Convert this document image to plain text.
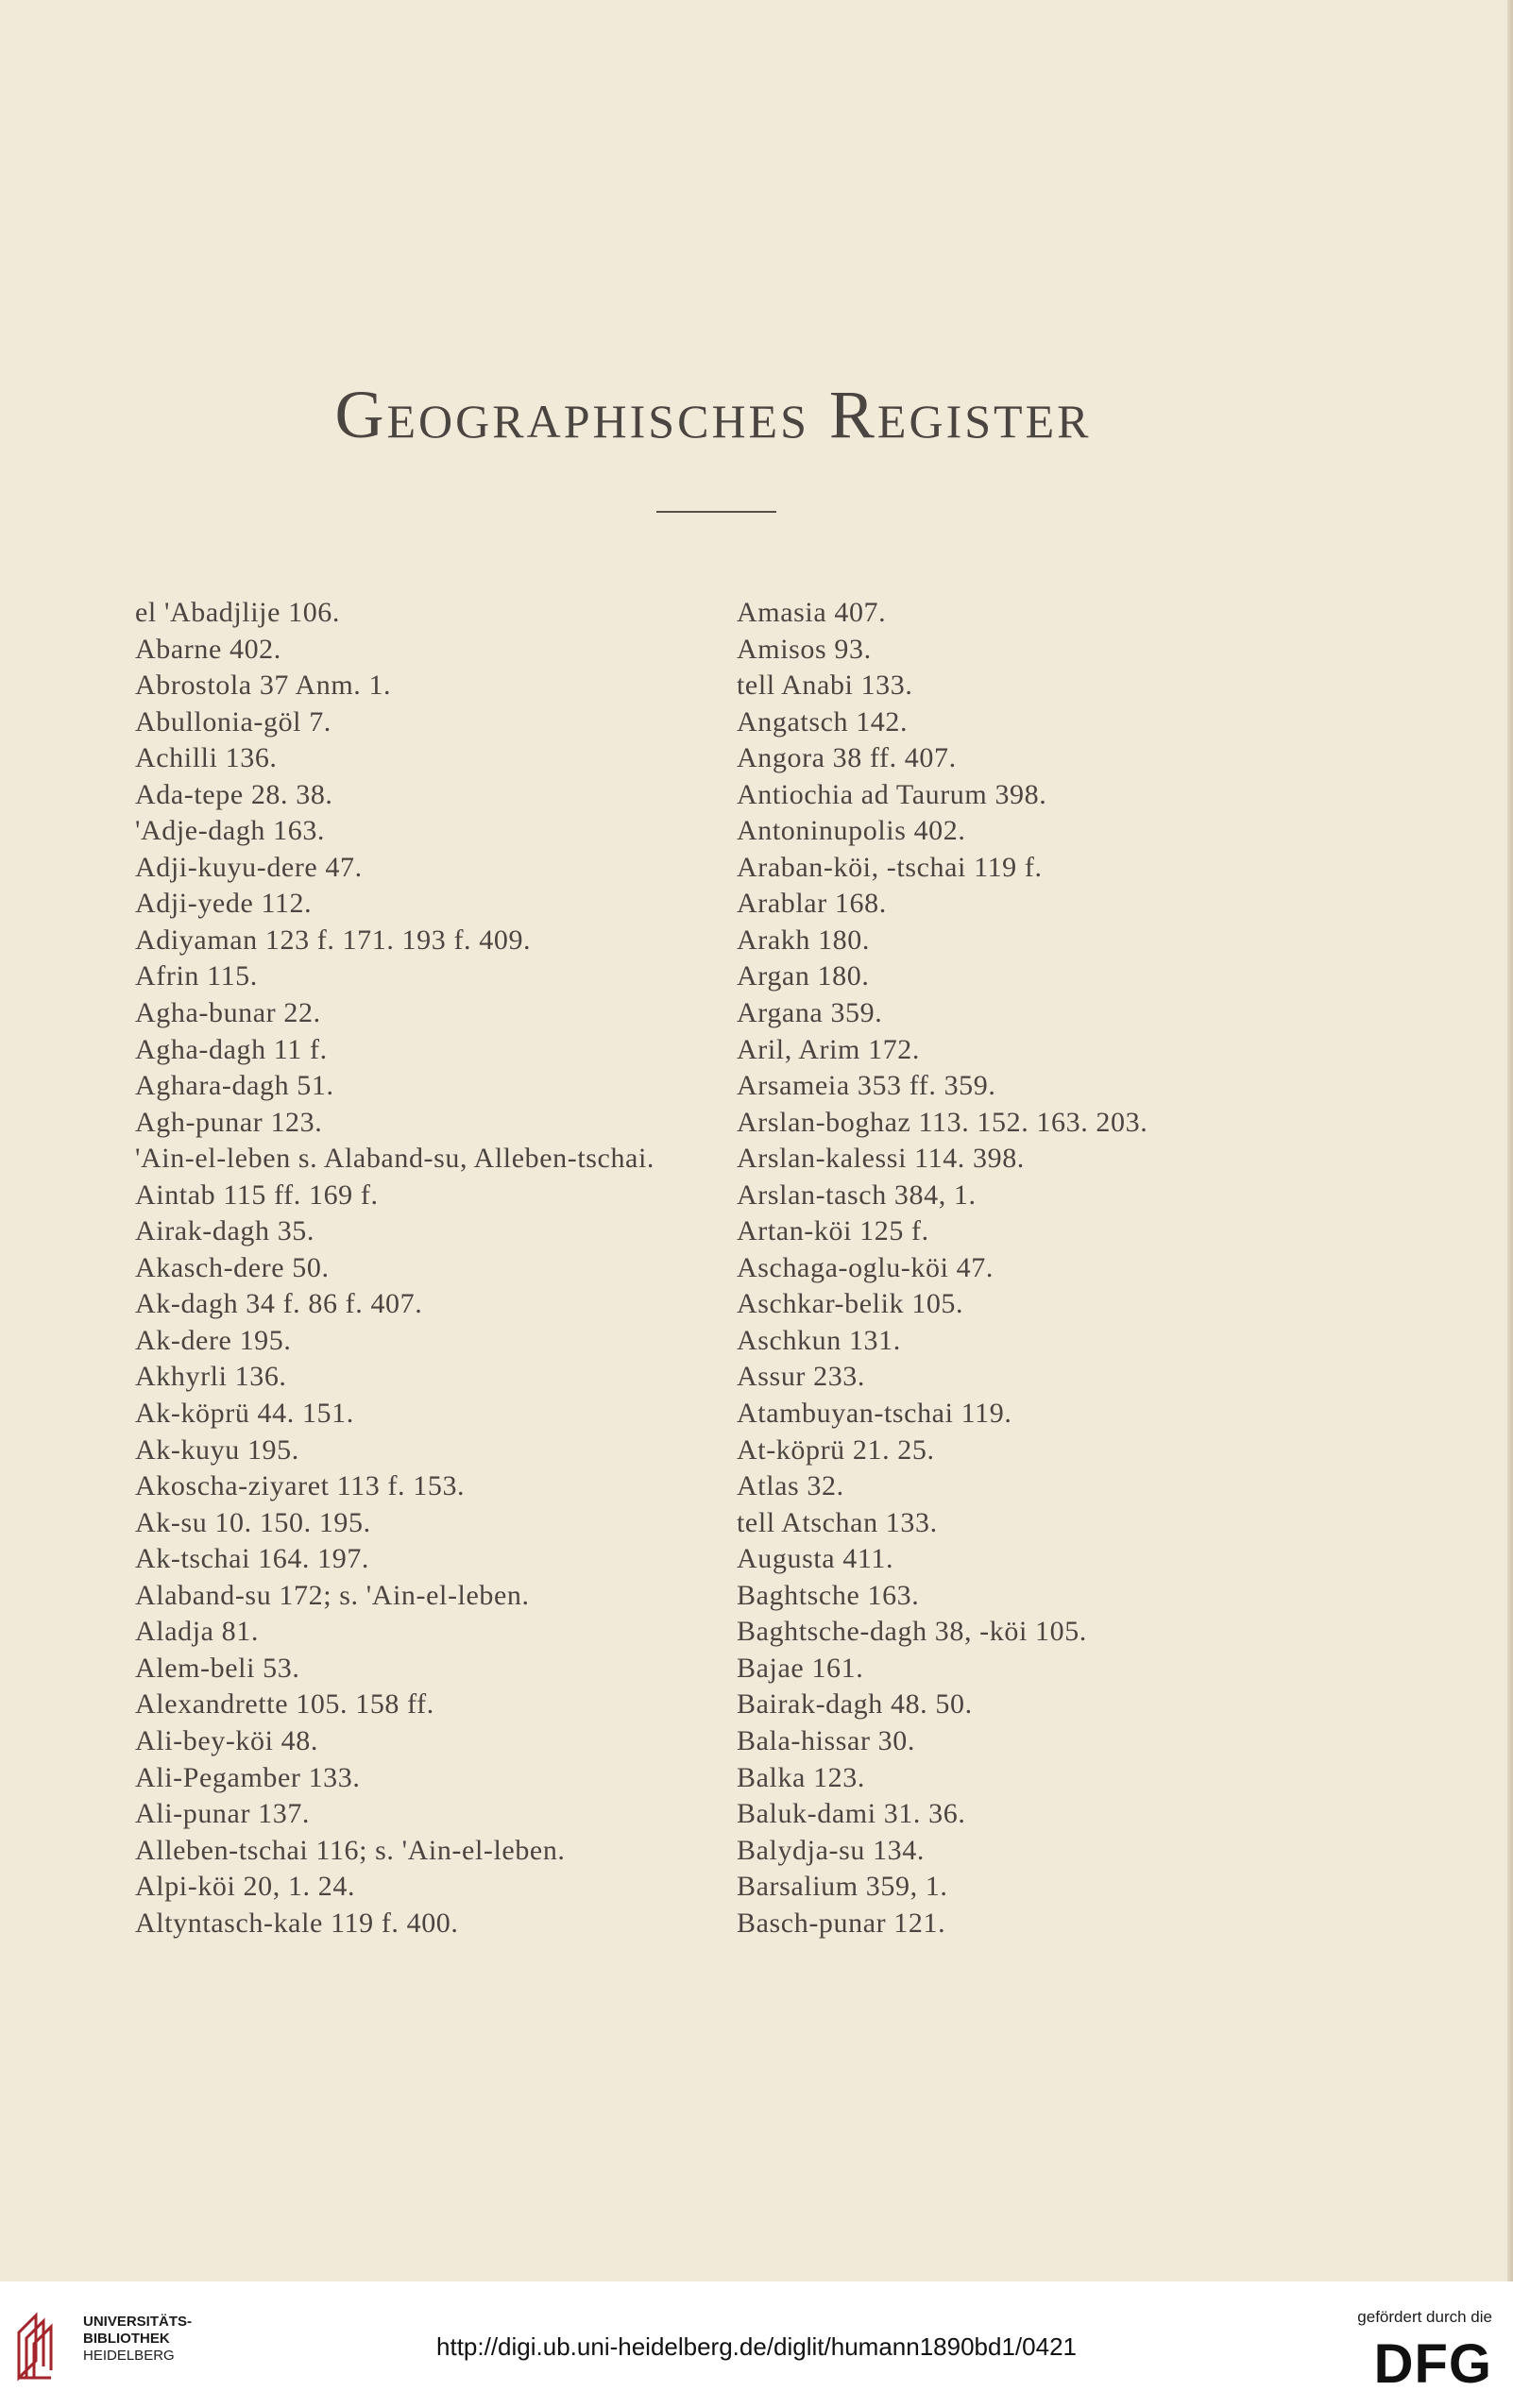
Geographisches Register
el 'Abadjlije 106.
Abarne 402.
Abrostola 37 Anm. 1.
Abullonia-göl 7.
Achilli 136.
Ada-tepe 28. 38.
'Adje-dagh 163.
Adji-kuyu-dere 47.
Adji-yede 112.
Adiyaman 123 f. 171. 193 f. 409.
Afrin 115.
Agha-bunar 22.
Agha-dagh 11 f.
Aghara-dagh 51.
Agh-punar 123.
'Ain-el-leben s. Alaband-su, Alleben-tschai.
Aintab 115 ff. 169 f.
Airak-dagh 35.
Akasch-dere 50.
Ak-dagh 34 f. 86 f. 407.
Ak-dere 195.
Akhyrli 136.
Ak-köprü 44. 151.
Ak-kuyu 195.
Akoscha-ziyaret 113 f. 153.
Ak-su 10. 150. 195.
Ak-tschai 164. 197.
Alaband-su 172; s. 'Ain-el-leben.
Aladja 81.
Alem-beli 53.
Alexandrette 105. 158 ff.
Ali-bey-köi 48.
Ali-Pegamber 133.
Ali-punar 137.
Alleben-tschai 116; s. 'Ain-el-leben.
Alpi-köi 20, 1. 24.
Altyntasch-kale 119 f. 400.
Amasia 407.
Amisos 93.
tell Anabi 133.
Angatsch 142.
Angora 38 ff. 407.
Antiochia ad Taurum 398.
Antoninupolis 402.
Araban-köi, -tschai 119 f.
Arablar 168.
Arakh 180.
Argan 180.
Argana 359.
Aril, Arim 172.
Arsameia 353 ff. 359.
Arslan-boghaz 113. 152. 163. 203.
Arslan-kalessi 114. 398.
Arslan-tasch 384, 1.
Artan-köi 125 f.
Aschaga-oglu-köi 47.
Aschkar-belik 105.
Aschkun 131.
Assur 233.
Atambuyan-tschai 119.
At-köprü 21. 25.
Atlas 32.
tell Atschan 133.
Augusta 411.
Baghtsche 163.
Baghtsche-dagh 38, -köi 105.
Bajae 161.
Bairak-dagh 48. 50.
Bala-hissar 30.
Balka 123.
Baluk-dami 31. 36.
Balydja-su 134.
Barsalium 359, 1.
Basch-punar 121.

UNIVERSITÄTS-
BIBLIOTHEK
HEIDELBERG	http://digi.ub.uni-heidelberg.de/diglit/humann1890bd1/0421
gefördert durch die
DFG
